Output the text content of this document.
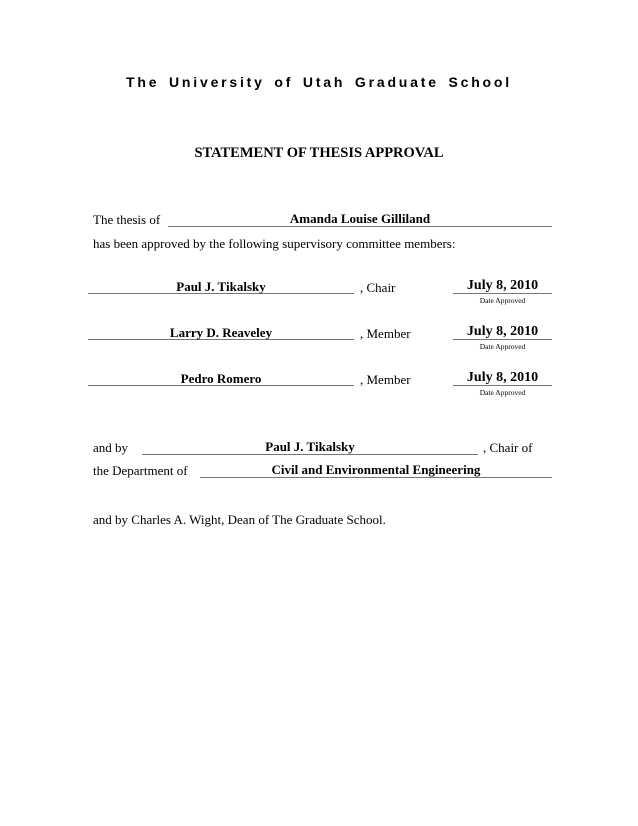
The University of Utah Graduate School
STATEMENT OF THESIS APPROVAL
The thesis of	Amanda Louise Gilliland
has been approved by the following supervisory committee members:
Paul J. Tikalsky	, Chair	July 8, 2010
Date Approved
Larry D. Reaveley	, Member	July 8, 2010
Date Approved
Pedro Romero	, Member	July 8, 2010
Date Approved
and by	Paul J. Tikalsky	, Chair of
the Department of	Civil and Environmental Engineering
and by Charles A. Wight, Dean of The Graduate School.
